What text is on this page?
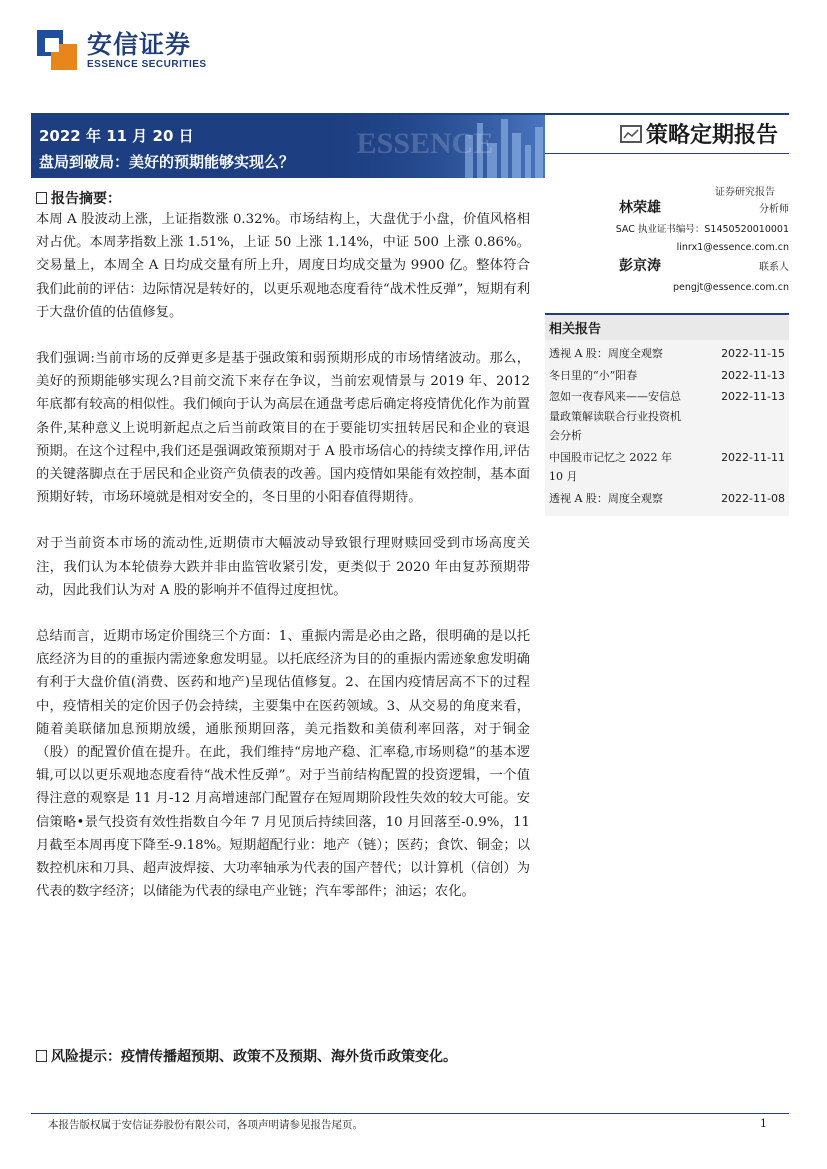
安信证券
ESSENCE SECURITIES
ESSENCE
2022 年 11 月 20 日
盘局到破局：美好的预期能够实现么？
策略定期报告
证券研究报告
报告摘要：

本周 A 股波动上涨，上证指数涨 0.32%。市场结构上，大盘优于小盘，价值风格相对占优。本周茅指数上涨 1.51%，上证 50 上涨 1.14%，中证 500 上涨 0.86%。交易量上，本周全 A 日均成交量有所上升，周度日均成交量为 9900 亿。整体符合我们此前的评估：边际情况是转好的，以更乐观地态度看待“战术性反弹”，短期有利于大盘价值的估值修复。

我们强调:当前市场的反弹更多是基于强政策和弱预期形成的市场情绪波动。那么，美好的预期能够实现么?目前交流下来存在争议，当前宏观情景与 2019 年、2012 年底都有较高的相似性。我们倾向于认为高层在通盘考虑后确定将疫情优化作为前置条件,某种意义上说明新起点之后当前政策目的在于要能切实扭转居民和企业的衰退预期。在这个过程中,我们还是强调政策预期对于 A 股市场信心的持续支撑作用,评估的关键落脚点在于居民和企业资产负债表的改善。国内疫情如果能有效控制，基本面预期好转，市场环境就是相对安全的，冬日里的小阳春值得期待。

对于当前资本市场的流动性,近期债市大幅波动导致银行理财赎回受到市场高度关注，我们认为本轮债券大跌并非由监管收紧引发，更类似于 2020 年由复苏预期带动，因此我们认为对 A 股的影响并不值得过度担忧。

总结而言，近期市场定价围绕三个方面：1、重振内需是必由之路，很明确的是以托底经济为目的的重振内需迹象愈发明显。以托底经济为目的的重振内需迹象愈发明确有利于大盘价值(消费、医药和地产)呈现估值修复。2、在国内疫情居高不下的过程中，疫情相关的定价因子仍会持续，主要集中在医药领域。3、从交易的角度来看，随着美联储加息预期放缓，通胀预期回落，美元指数和美债利率回落，对于铜金（股）的配置价值在提升。在此，我们维持“房地产稳、汇率稳,市场则稳”的基本逻辑,可以以更乐观地态度看待“战术性反弹”。对于当前结构配置的投资逻辑，一个值得注意的观察是 11 月-12 月高增速部门配置存在短周期阶段性失效的较大可能。安信策略•景气投资有效性指数自今年 7 月见顶后持续回落，10 月回落至-0.9%，11 月截至本周再度下降至-9.18%。短期超配行业：地产（链）；医药；食饮、铜金；以数控机床和刀具、超声波焊接、大功率轴承为代表的国产替代；以计算机（信创）为代表的数字经济；以储能为代表的绿电产业链；汽车零部件；油运；农化。

风险提示：疫情传播超预期、政策不及预期、海外货币政策变化。
林荣雄	分析师
SAC 执业证书编号：S1450520010001
linrx1@essence.com.cn
彭京涛	联系人
pengjt@essence.com.cn
相关报告
透视 A 股：周度全观察	2022-11-15
冬日里的“小”阳春	2022-11-13
忽如一夜春风来——安信总量政策解读联合行业投资机会分析
2022-11-13
中国股市记忆之 2022 年 10 月
2022-11-11
透视 A 股：周度全观察	2022-11-08
本报告版权属于安信证券股份有限公司，各项声明请参见报告尾页。	1
